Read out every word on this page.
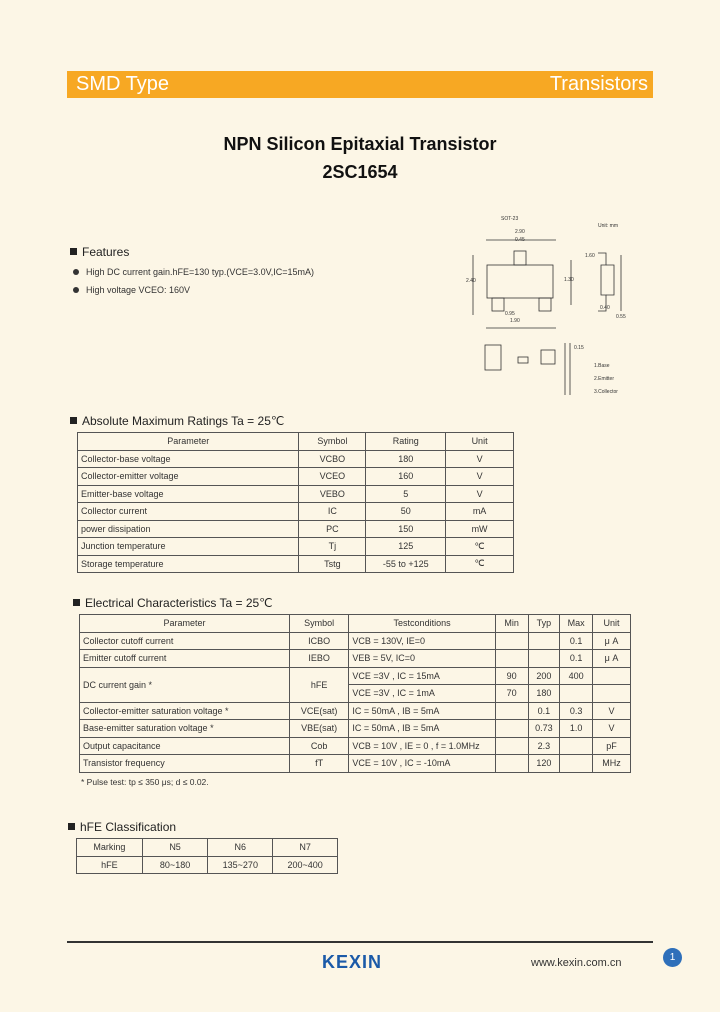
SMD Type	Transistors
NPN Silicon Epitaxial Transistor
2SC1654
SOT-23
Unit: mm
2.90
0.45
1.90
0.95
2.40	1.30
0.55
1.60
0.40
0.15
1.Base
2.Emitter
3.Collector
Features
High DC current gain.hFE=130 typ.(VCE=3.0V,IC=15mA)
High voltage VCEO: 160V
Absolute Maximum Ratings Ta = 25℃
Parameter	Symbol	Rating	Unit
Collector-base voltage	VCBO	180	V
Collector-emitter voltage	VCEO	160	V
Emitter-base voltage	VEBO	5	V
Collector current	IC	50	mA
power dissipation	PC	150	mW
Junction temperature	Tj	125	℃
Storage temperature	Tstg	-55 to +125	℃
Electrical Characteristics Ta = 25℃
Parameter	Symbol	Testconditions	Min	Typ	Max	Unit
Collector cutoff current	ICBO	VCB = 130V, IE=0			0.1	μ A
Emitter cutoff current	IEBO	VEB = 5V, IC=0			0.1	μ A
DC current gain *	hFE	VCE =3V , IC = 15mA	90	200	400	
		VCE =3V , IC = 1mA	70	180		
Collector-emitter saturation voltage *	VCE(sat)	IC = 50mA , IB = 5mA		0.1	0.3	V
Base-emitter saturation voltage *	VBE(sat)	IC = 50mA , IB = 5mA		0.73	1.0	V
Output capacitance	Cob	VCB = 10V , IE = 0 , f = 1.0MHz		2.3		pF
Transistor frequency	fT	VCE = 10V , IC = -10mA		120		MHz
* Pulse test: tp ≤ 350 μs; d ≤ 0.02.
hFE Classification
Marking	N5	N6	N7
hFE	80~180	135~270	200~400
KEXIN	www.kexin.com.cn	1
